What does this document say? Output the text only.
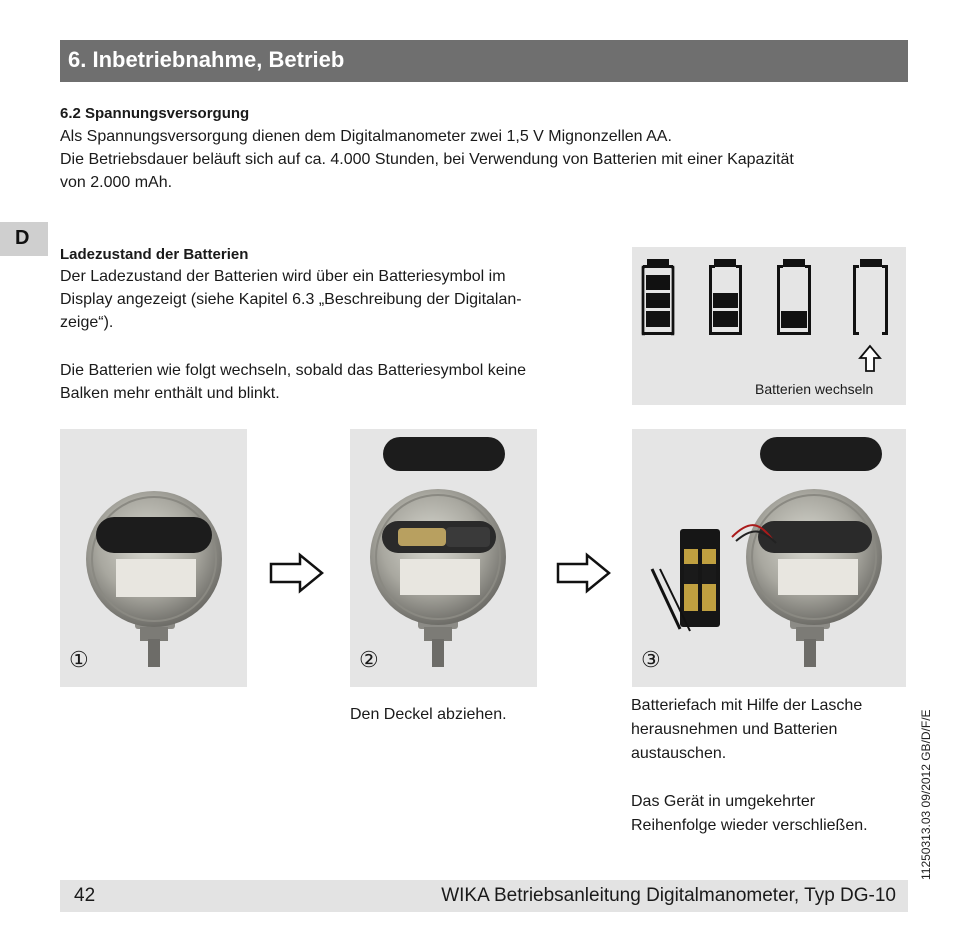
6. Inbetriebnahme, Betrieb
D
6.2 Spannungsversorgung
Als Spannungsversorgung dienen dem Digitalmanometer zwei 1,5 V Mignonzellen AA.
Die Betriebsdauer beläuft sich auf ca. 4.000 Stunden, bei Verwendung von Batterien mit einer Kapazität
von 2.000 mAh.
Ladezustand der Batterien
Der Ladezustand der Batterien wird über ein Batteriesymbol im
Display angezeigt (siehe Kapitel 6.3 „Beschreibung der Digitalan-
zeige“).
Die Batterien wie folgt wechseln, sobald das Batteriesymbol keine
Balken mehr enthält und blinkt.	Batterien wechseln
①	②
Den Deckel abziehen.
③
Batteriefach mit Hilfe der Lasche
herausnehmen und Batterien
austauschen.
Das Gerät in umgekehrter
Reihenfolge wieder verschließen.	11250313.03 09/2012 GB/D/F/E
42	WIKA Betriebsanleitung Digitalmanometer, Typ DG-10
